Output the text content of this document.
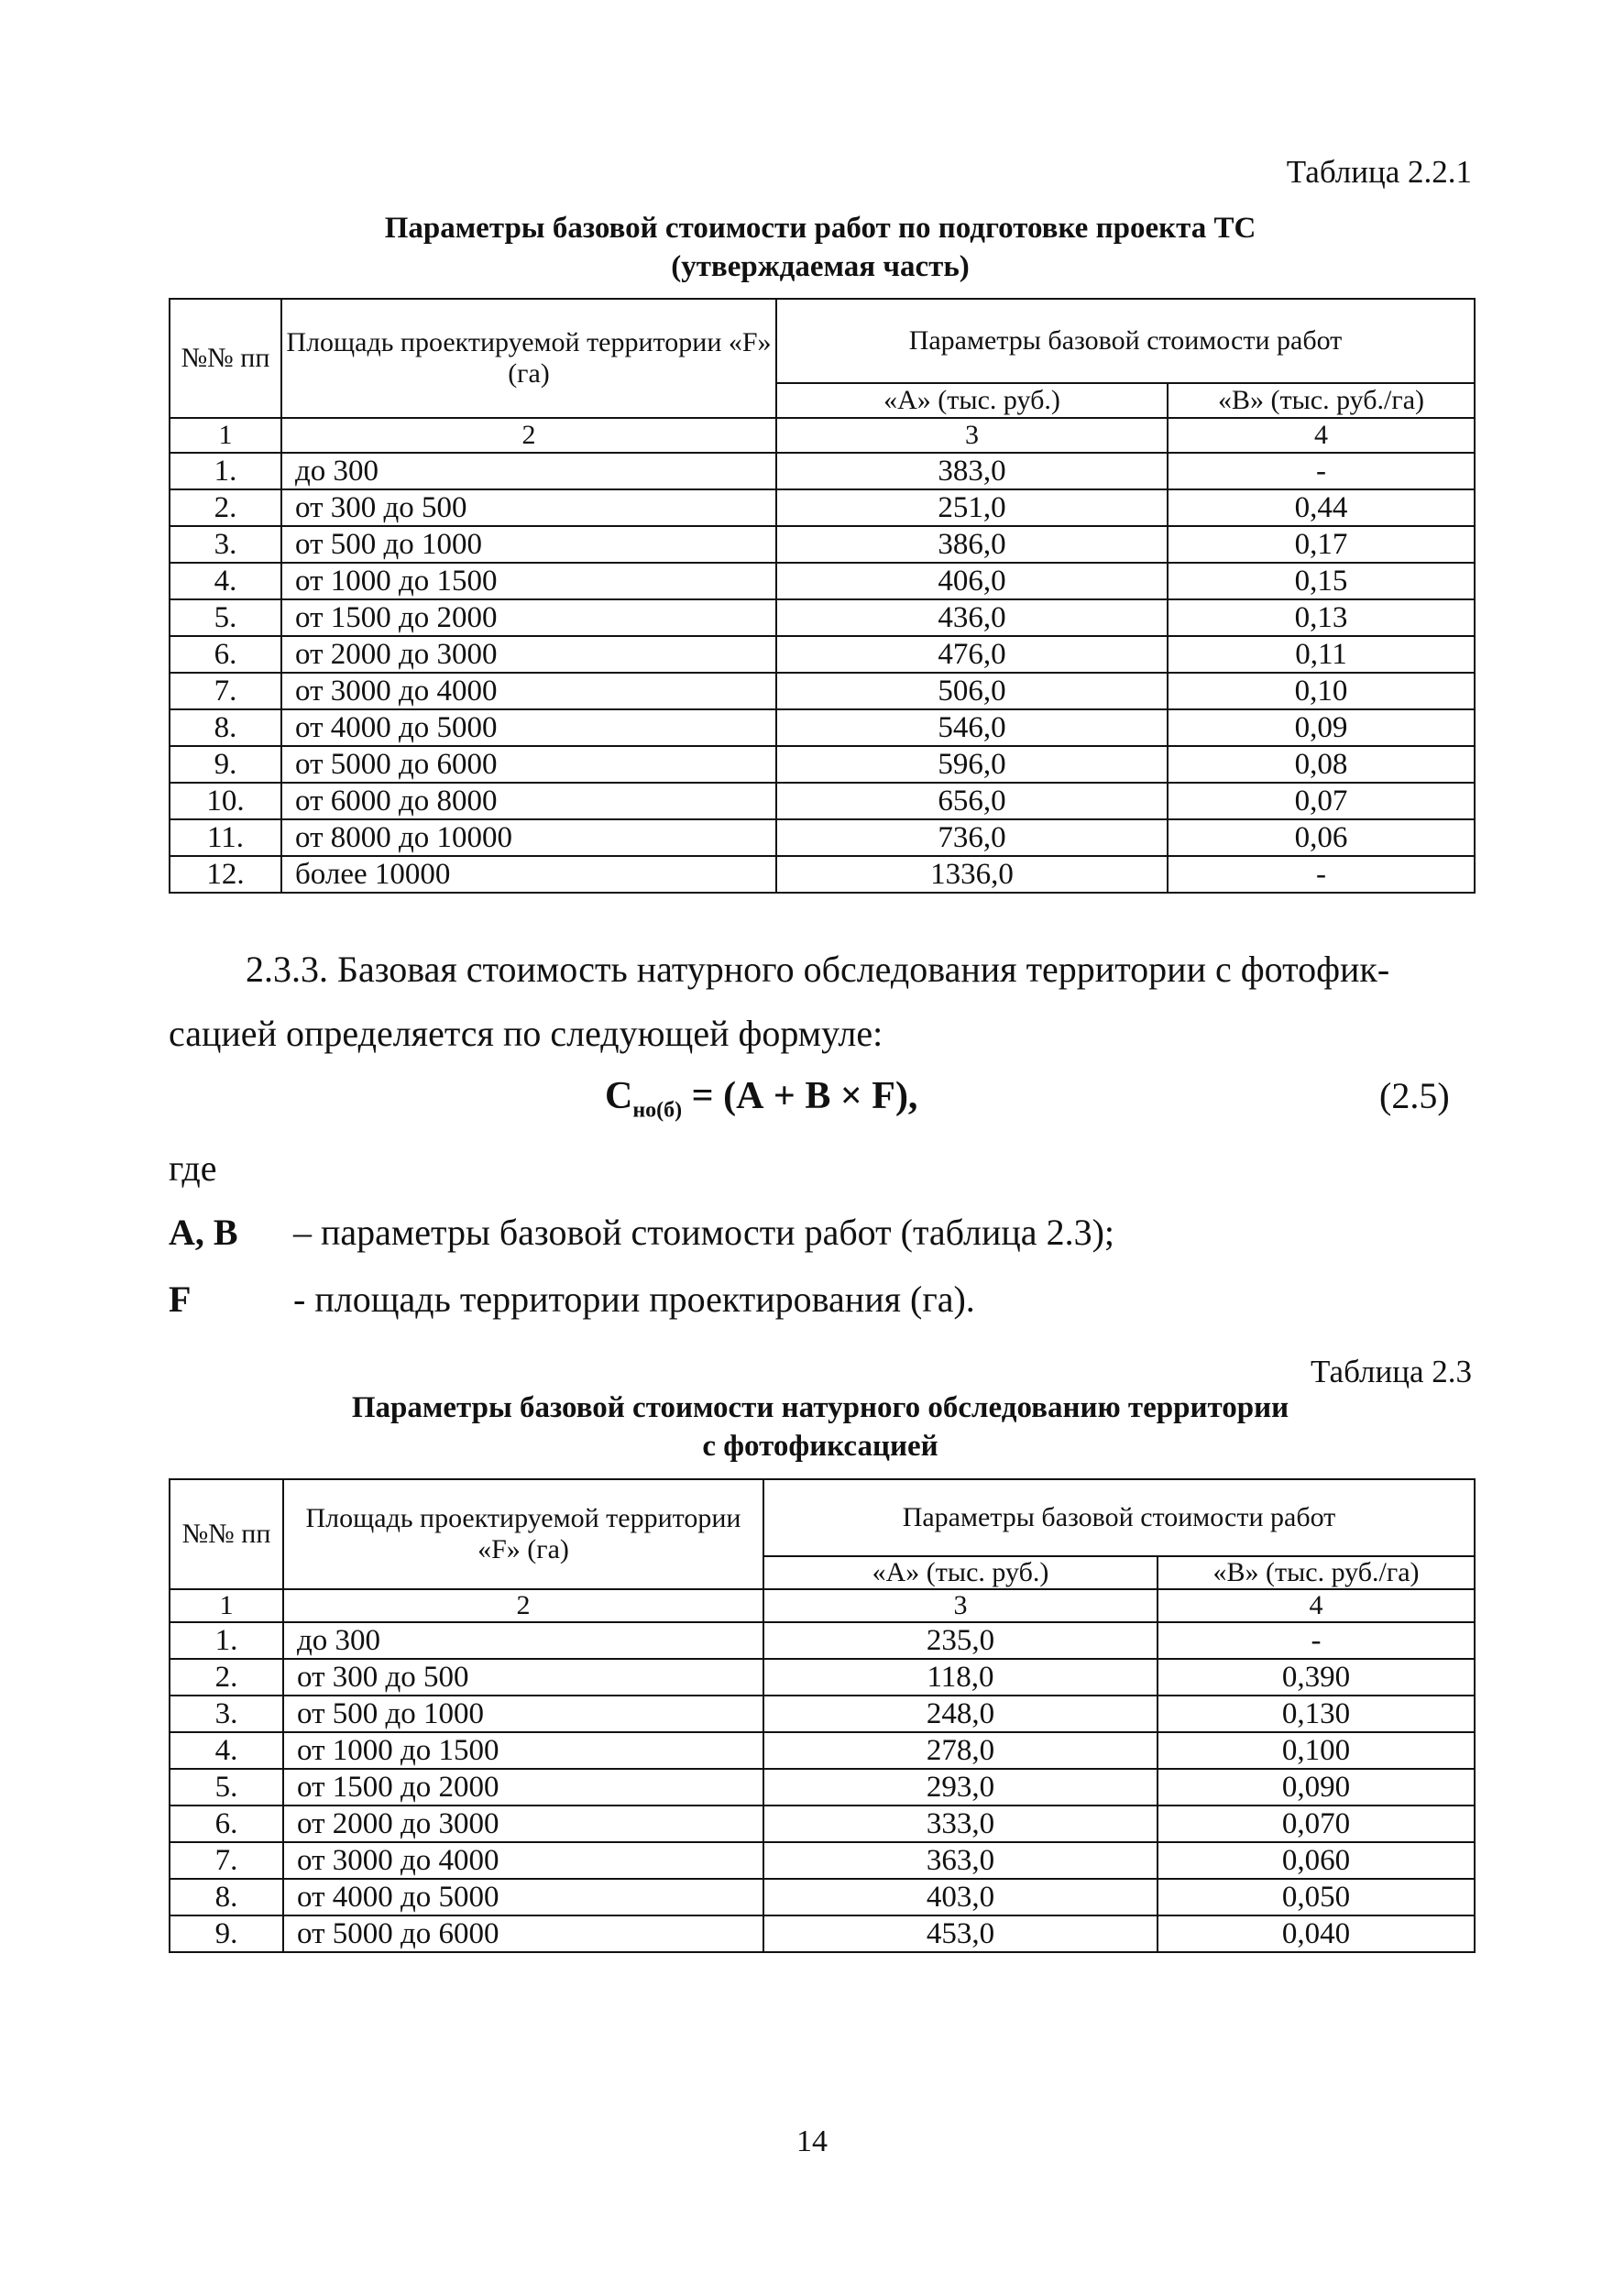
Таблица 2.2.1
Параметры базовой стоимости работ по подготовке проекта ТС
(утверждаемая часть)
№№ пп	Площадь проектируемой территории «F» (га)	Параметры базовой стоимости работ	
		«А» (тыс. руб.)	«В» (тыс. руб./га)
1	2	3	4
1.	до 300	383,0	-
2.	от 300 до 500	251,0	0,44
3.	от 500 до 1000	386,0	0,17
4.	от 1000 до 1500	406,0	0,15
5.	от 1500 до 2000	436,0	0,13
6.	от 2000 до 3000	476,0	0,11
7.	от 3000 до 4000	506,0	0,10
8.	от 4000 до 5000	546,0	0,09
9.	от 5000 до 6000	596,0	0,08
10.	от 6000 до 8000	656,0	0,07
11.	от 8000 до 10000	736,0	0,06
12.	более 10000	1336,0	-
2.3.3. Базовая стоимость натурного обследования территории с фотофик-
сацией определяется по следующей формуле:
$С_{но(б)} = (А + В \times F)$,	(2.5)
где
А, В – параметры базовой стоимости работ (таблица 2.3);
F	- площадь территории проектирования (га).
Таблица 2.3
Параметры базовой стоимости натурного обследованию территории
с фотофиксацией
№№ пп	Площадь проектируемой территории «F» (га)	Параметры базовой стоимости работ	
		«А» (тыс. руб.)	«В» (тыс. руб./га)
1	2	3	4
1.	до 300	235,0	-
2.	от 300 до 500	118,0	0,390
3.	от 500 до 1000	248,0	0,130
4.	от 1000 до 1500	278,0	0,100
5.	от 1500 до 2000	293,0	0,090
6.	от 2000 до 3000	333,0	0,070
7.	от 3000 до 4000	363,0	0,060
8.	от 4000 до 5000	403,0	0,050
9.	от 5000 до 6000	453,0	0,040
14
